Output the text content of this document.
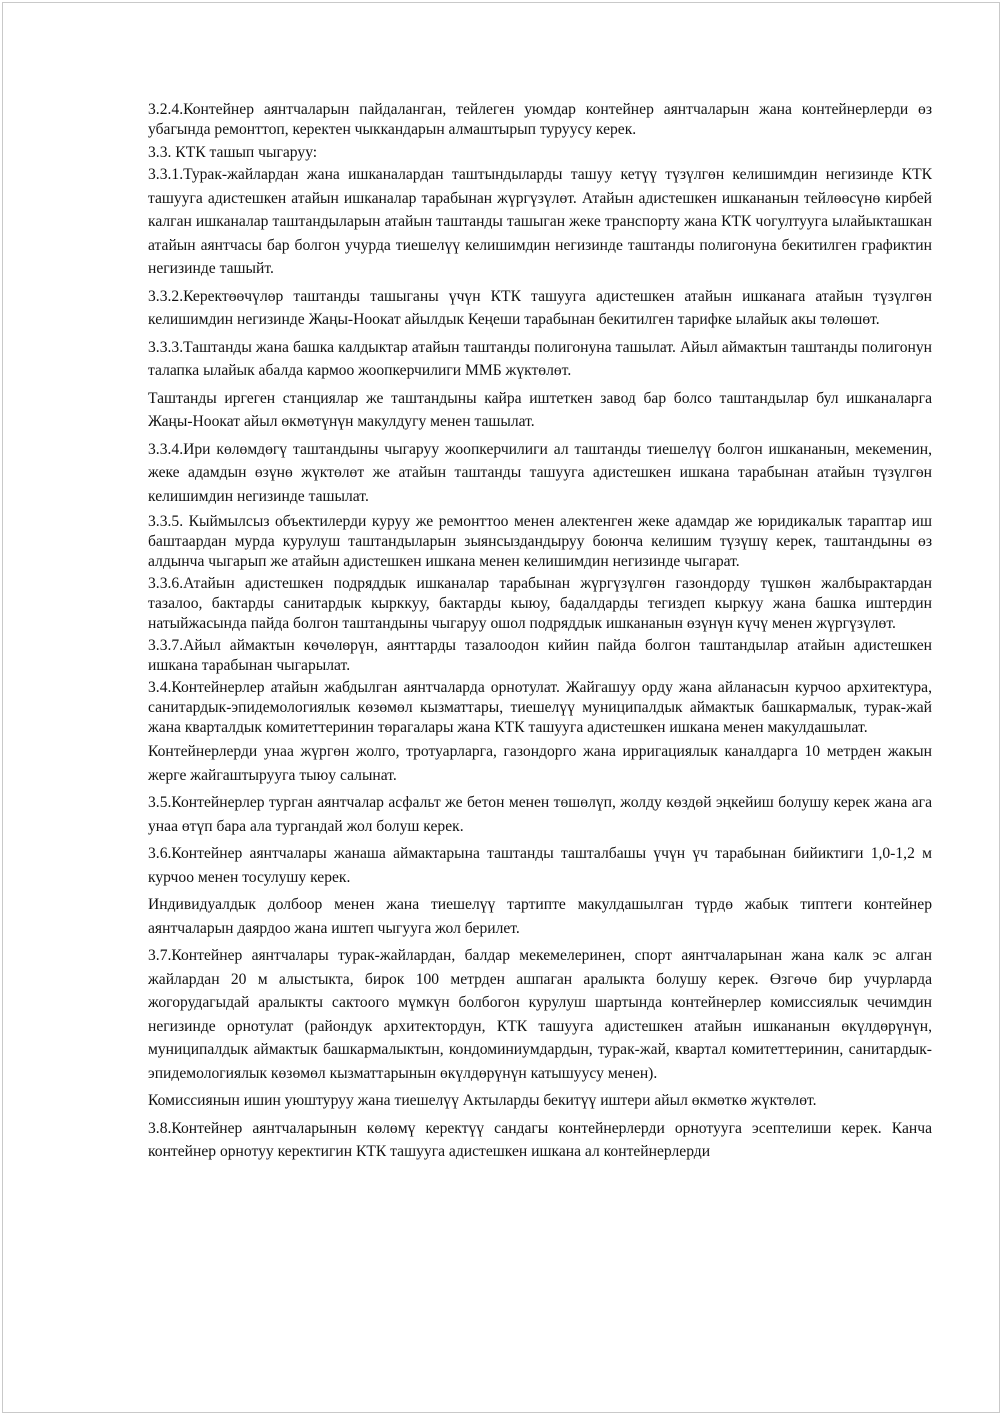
3.2.4.Контейнер аянтчаларын пайдаланган, тейлеген уюмдар контейнер аянтчаларын жана контейнерлерди өз убагында ремонттоп, керектен чыккандарын алмаштырып туруусу керек.

3.3. КТК ташып чыгаруу:

3.3.1.Турак-жайлардан жана ишканалардан таштындыларды ташуу кетүү түзүлгөн келишимдин негизинде КТК ташууга адистешкен атайын ишканалар тарабынан жүргүзүлөт. Атайын адистешкен ишкананын тейлөөсүнө кирбей калган ишканалар таштандыларын атайын таштанды ташыган жеке транспорту жана КТК чогултууга ылайыкташкан атайын аянтчасы бар болгон учурда тиешелүү келишимдин негизинде таштанды полигонуна бекитилген графиктин негизинде ташыйт.

3.3.2.Керектөөчүлөр таштанды ташыганы үчүн КТК ташууга адистешкен атайын ишканага атайын түзүлгөн келишимдин негизинде Жаңы-Ноокат айылдык Кеңеши тарабынан бекитилген тарифке ылайык акы төлөшөт.

3.3.3.Таштанды жана башка калдыктар атайын таштанды полигонуна ташылат. Айыл аймактын таштанды полигонун талапка ылайык абалда кармоо жоопкерчилиги ММБ жүктөлөт.

Таштанды иргеген станциялар же таштандыны кайра иштеткен завод бар болсо таштандылар бул ишканаларга Жаңы-Ноокат айыл өкмөтүнүн макулдугу менен ташылат.

3.3.4.Ири көлөмдөгү таштандыны чыгаруу жоопкерчилиги ал таштанды тиешелүү болгон ишкананын, мекеменин, жеке адамдын өзүнө жүктөлөт же атайын таштанды ташууга адистешкен ишкана тарабынан атайын түзүлгөн келишимдин негизинде ташылат.

3.3.5. Кыймылсыз объектилерди куруу же ремонттоо менен алектенген жеке адамдар же юридикалык тараптар иш баштаардан мурда курулуш таштандыларын зыянсыздандыруу боюнча келишим түзүшү керек, таштандыны өз алдынча чыгарып же атайын адистешкен ишкана менен келишимдин негизинде чыгарат.

3.3.6.Атайын адистешкен подряддык ишканалар тарабынан жүргүзүлгөн газондорду түшкөн жалбырактардан тазалоо, бактарды санитардык кырккуу, бактарды кыюу, бадалдарды тегиздеп кыркуу жана башка иштердин натыйжасында пайда болгон таштандыны чыгаруу ошол подряддык ишкананын өзүнүн күчү менен жүргүзүлөт.

3.3.7.Айыл аймактын көчөлөрүн, аянттарды тазалоодон кийин пайда болгон таштандылар атайын адистешкен ишкана тарабынан чыгарылат.

3.4.Контейнерлер атайын жабдылган аянтчаларда орнотулат. Жайгашуу орду жана айланасын курчоо архитектура, санитардык-эпидемологиялык көзөмөл кызматтары, тиешелүү муниципалдык аймактык башкармалык, турак-жай жана кварталдык комитеттеринин төрагалары жана КТК ташууга адистешкен ишкана менен макулдашылат.

Контейнерлерди унаа жүргөн жолго, тротуарларга, газондорго жана ирригациялык каналдарга 10 метрден жакын жерге жайгаштырууга тыюу салынат.

3.5.Контейнерлер турган аянтчалар асфальт же бетон менен төшөлүп, жолду көздөй эңкейиш болушу керек жана ага унаа өтүп бара ала тургандай жол болуш керек.

3.6.Контейнер аянтчалары жанаша аймактарына таштанды ташталбашы үчүн үч тарабынан бийиктиги 1,0-1,2 м курчоо менен тосулушу керек.

Индивидуалдык долбоор менен жана тиешелүү тартипте макулдашылган түрдө жабык типтеги контейнер аянтчаларын даярдоо жана иштеп чыгууга жол берилет.

3.7.Контейнер аянтчалары турак-жайлардан, балдар мекемелеринен, спорт аянтчаларынан жана калк эс алган жайлардан 20 м алыстыкта, бирок 100 метрден ашпаган аралыкта болушу керек. Өзгөчө бир учурларда жогорудагыдай аралыкты сактоого мүмкүн болбогон курулуш шартында контейнерлер комиссиялык чечимдин негизинде орнотулат (райондук архитектордун, КТК ташууга адистешкен атайын ишкананын өкүлдөрүнүн, муниципалдык аймактык башкармалыктын, кондоминиумдардын, турак-жай, квартал комитеттеринин, санитардык-эпидемологиялык көзөмөл кызматтарынын өкүлдөрүнүн катышуусу менен).

Комиссиянын ишин уюштуруу жана тиешелүү Актыларды бекитүү иштери айыл өкмөткө жүктөлөт.

3.8.Контейнер аянтчаларынын көлөмү керектүү сандагы контейнерлерди орнотууга эсептелиши керек. Канча контейнер орнотуу керектигин КТК ташууга адистешкен ишкана ал контейнерлерди
